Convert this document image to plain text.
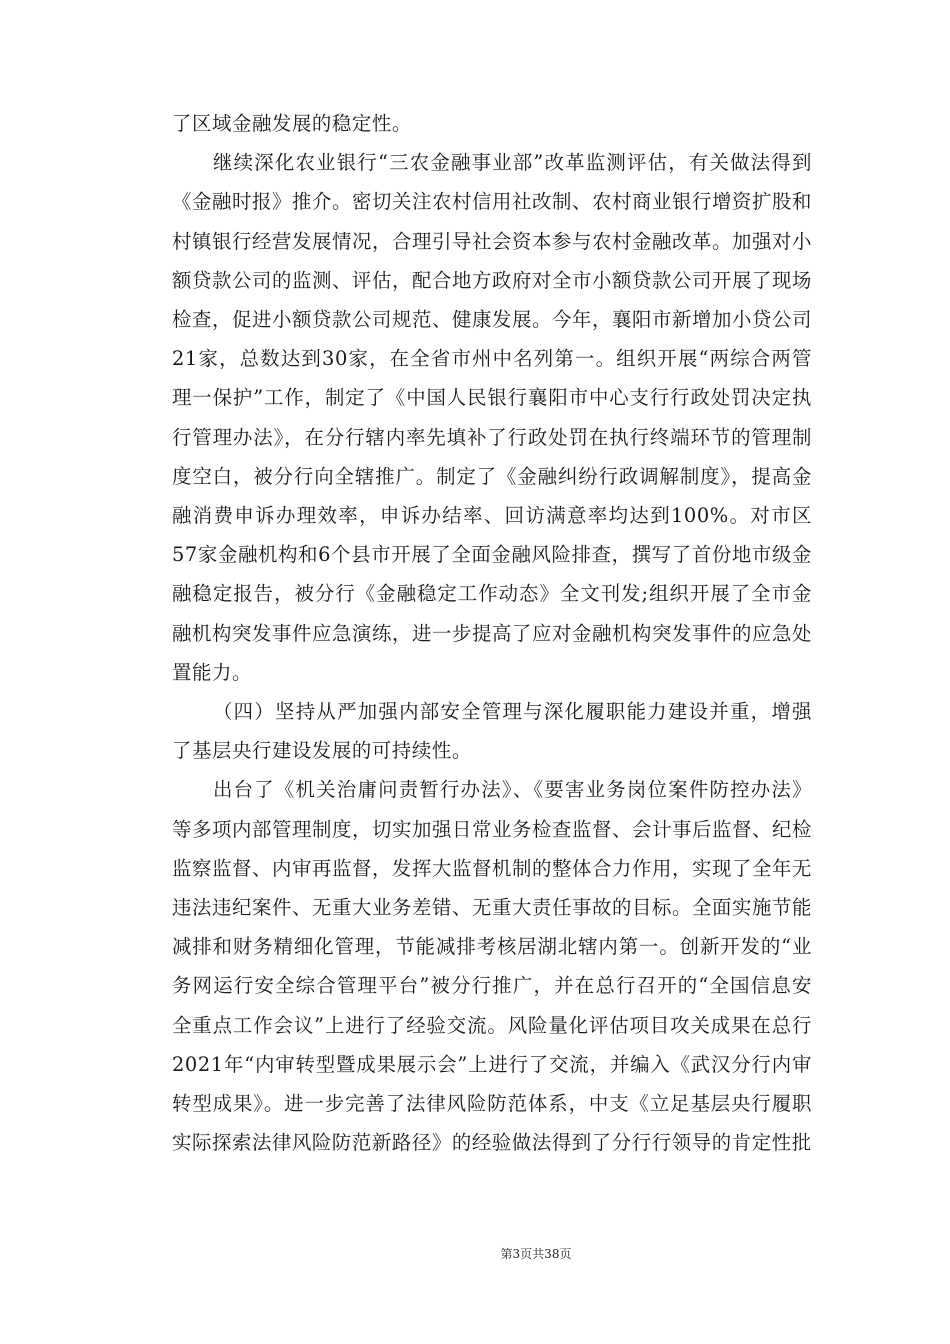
了区域金融发展的稳定性。

继续深化农业银行“三农金融事业部”改革监测评估，有关做法得到《金融时报》推介。密切关注农村信用社改制、农村商业银行增资扩股和村镇银行经营发展情况，合理引导社会资本参与农村金融改革。加强对小额贷款公司的监测、评估，配合地方政府对全市小额贷款公司开展了现场检查，促进小额贷款公司规范、健康发展。今年，襄阳市新增加小贷公司21家，总数达到30家，在全省市州中名列第一。组织开展“两综合两管理一保护”工作，制定了《中国人民银行襄阳市中心支行行政处罚决定执行管理办法》，在分行辖内率先填补了行政处罚在执行终端环节的管理制度空白，被分行向全辖推广。制定了《金融纠纷行政调解制度》，提高金融消费申诉办理效率，申诉办结率、回访满意率均达到100%。对市区57家金融机构和6个县市开展了全面金融风险排查，撰写了首份地市级金融稳定报告，被分行《金融稳定工作动态》全文刊发;组织开展了全市金融机构突发事件应急演练，进一步提高了应对金融机构突发事件的应急处置能力。

（四）坚持从严加强内部安全管理与深化履职能力建设并重，增强了基层央行建设发展的可持续性。

出台了《机关治庸问责暂行办法》、《要害业务岗位案件防控办法》等多项内部管理制度，切实加强日常业务检查监督、会计事后监督、纪检监察监督、内审再监督，发挥大监督机制的整体合力作用，实现了全年无违法违纪案件、无重大业务差错、无重大责任事故的目标。全面实施节能减排和财务精细化管理，节能减排考核居湖北辖内第一。创新开发的“业务网运行安全综合管理平台”被分行推广，并在总行召开的“全国信息安全重点工作会议”上进行了经验交流。风险量化评估项目攻关成果在总行2021年“内审转型暨成果展示会”上进行了交流，并编入《武汉分行内审转型成果》。进一步完善了法律风险防范体系，中支《立足基层央行履职实际探索法律风险防范新路径》的经验做法得到了分行行领导的肯定性批

第3页共38页
